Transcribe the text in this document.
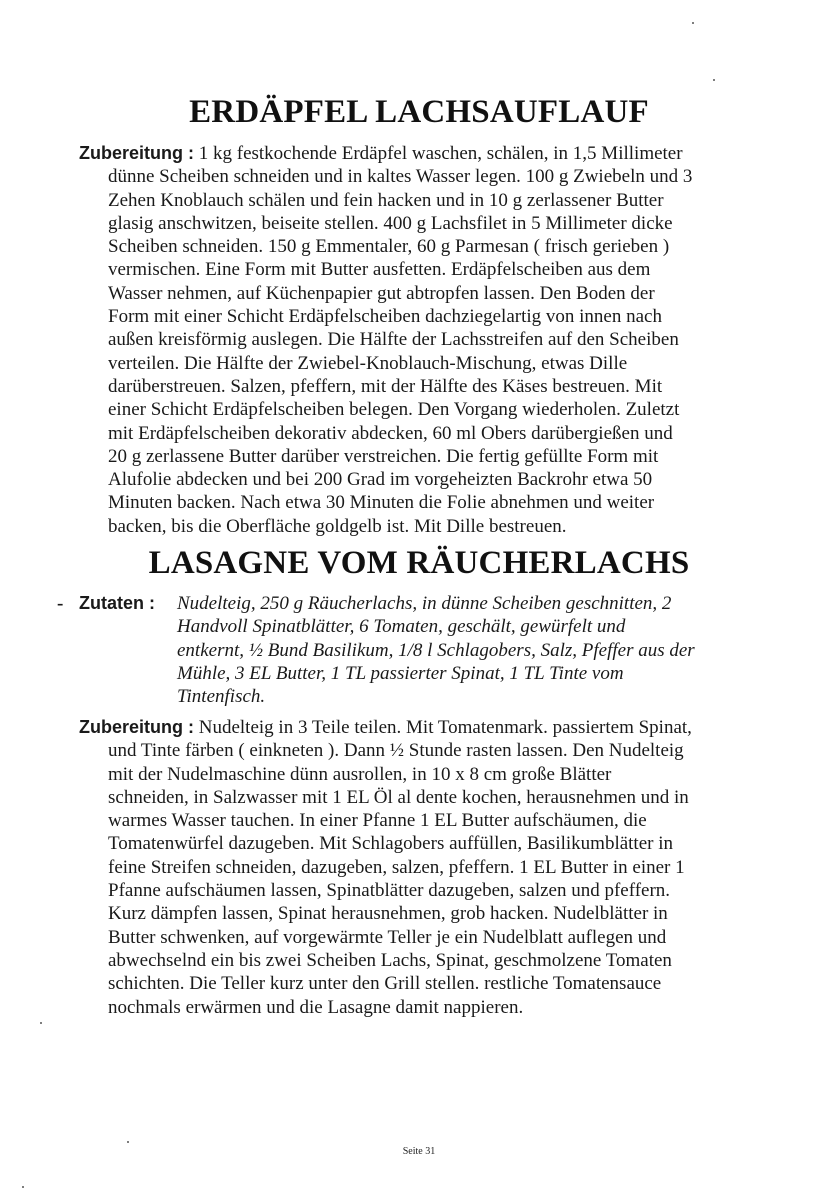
ERDÄPFEL LACHSAUFLAUF
Zubereitung : 1 kg festkochende Erdäpfel waschen, schälen, in 1,5 Millimeter
dünne Scheiben schneiden und in kaltes Wasser legen. 100 g Zwiebeln und 3
Zehen Knoblauch schälen und fein hacken und in 10 g zerlassener Butter
glasig anschwitzen, beiseite stellen. 400 g Lachsfilet in 5 Millimeter dicke
Scheiben schneiden. 150 g Emmentaler, 60 g Parmesan ( frisch gerieben )
vermischen. Eine Form mit Butter ausfetten. Erdäpfelscheiben aus dem
Wasser nehmen, auf Küchenpapier gut abtropfen lassen. Den Boden der
Form mit einer Schicht Erdäpfelscheiben dachziegelartig von innen nach
außen kreisförmig auslegen. Die Hälfte der Lachsstreifen auf den Scheiben
verteilen. Die Hälfte der Zwiebel-Knoblauch-Mischung, etwas Dille
darüberstreuen. Salzen, pfeffern, mit der Hälfte des Käses bestreuen. Mit
einer Schicht Erdäpfelscheiben belegen. Den Vorgang wiederholen. Zuletzt
mit Erdäpfelscheiben dekorativ abdecken, 60 ml Obers darübergießen und
20 g zerlassene Butter darüber verstreichen. Die fertig gefüllte Form mit
Alufolie abdecken und bei 200 Grad im vorgeheizten Backrohr etwa 50
Minuten backen. Nach etwa 30 Minuten die Folie abnehmen und weiter
backen, bis die Oberfläche goldgelb ist. Mit Dille bestreuen.
LASAGNE VOM RÄUCHERLACHS
- Zutaten :	Nudelteig, 250 g Räucherlachs, in dünne Scheiben geschnitten, 2
Handvoll Spinatblätter, 6 Tomaten, geschält, gewürfelt und
entkernt, ½ Bund Basilikum, 1/8 l Schlagobers, Salz, Pfeffer aus der
Mühle, 3 EL Butter, 1 TL passierter Spinat, 1 TL Tinte vom
Tintenfisch.
Zubereitung : Nudelteig in 3 Teile teilen. Mit Tomatenmark. passiertem Spinat,
und Tinte färben ( einkneten ). Dann ½ Stunde rasten lassen. Den Nudelteig
mit der Nudelmaschine dünn ausrollen, in 10 x 8 cm große Blätter
schneiden, in Salzwasser mit 1 EL Öl al dente kochen, herausnehmen und in
warmes Wasser tauchen. In einer Pfanne 1 EL Butter aufschäumen, die
Tomatenwürfel dazugeben. Mit Schlagobers auffüllen, Basilikumblätter in
feine Streifen schneiden, dazugeben, salzen, pfeffern. 1 EL Butter in einer 1
Pfanne aufschäumen lassen, Spinatblätter dazugeben, salzen und pfeffern.
Kurz dämpfen lassen, Spinat herausnehmen, grob hacken. Nudelblätter in
Butter schwenken, auf vorgewärmte Teller je ein Nudelblatt auflegen und
abwechselnd ein bis zwei Scheiben Lachs, Spinat, geschmolzene Tomaten
schichten. Die Teller kurz unter den Grill stellen. restliche Tomatensauce
nochmals erwärmen und die Lasagne damit nappieren.
Seite 31
